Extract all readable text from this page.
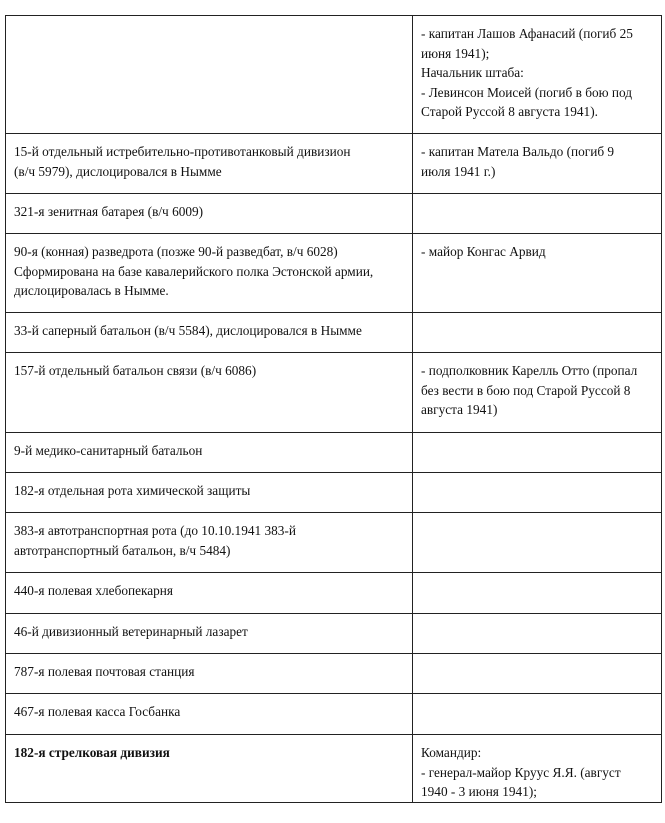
	- капитан Лашов Афанасий (погиб 25
июня 1941);
Начальник штаба:
- Левинсон Моисей (погиб в бою под
Старой Руссой 8 августа 1941).

15-й отдельный истребительно-противотанковый дивизион
(в/ч 5979), дислоцировался в Нымме	- капитан Матела Вальдо (погиб 9
июля 1941 г.)

321-я зенитная батарея (в/ч 6009)	

90-я (конная) разведрота (позже 90-й разведбат, в/ч 6028)
Сформирована на базе кавалерийского полка Эстонской армии,
дислоцировалась в Нымме.	- майор Конгас Арвид

33-й саперный батальон (в/ч 5584), дислоцировался в Нымме	

157-й отдельный батальон связи (в/ч 6086)	- подполковник Карелль Отто (пропал
без вести в бою под Старой Руссой 8
августа 1941)

9-й медико-санитарный батальон	

182-я отдельная рота химической защиты	

383-я автотранспортная рота (до 10.10.1941 383-й
автотранспортный батальон, в/ч 5484)	

440-я полевая хлебопекарня	

46-й дивизионный ветеринарный лазарет	

787-я полевая почтовая станция	

467-я полевая касса Госбанка	

182-я стрелковая дивизия	Командир:
- генерал-майор Круус Я.Я. (август
1940 - 3 июня 1941);
